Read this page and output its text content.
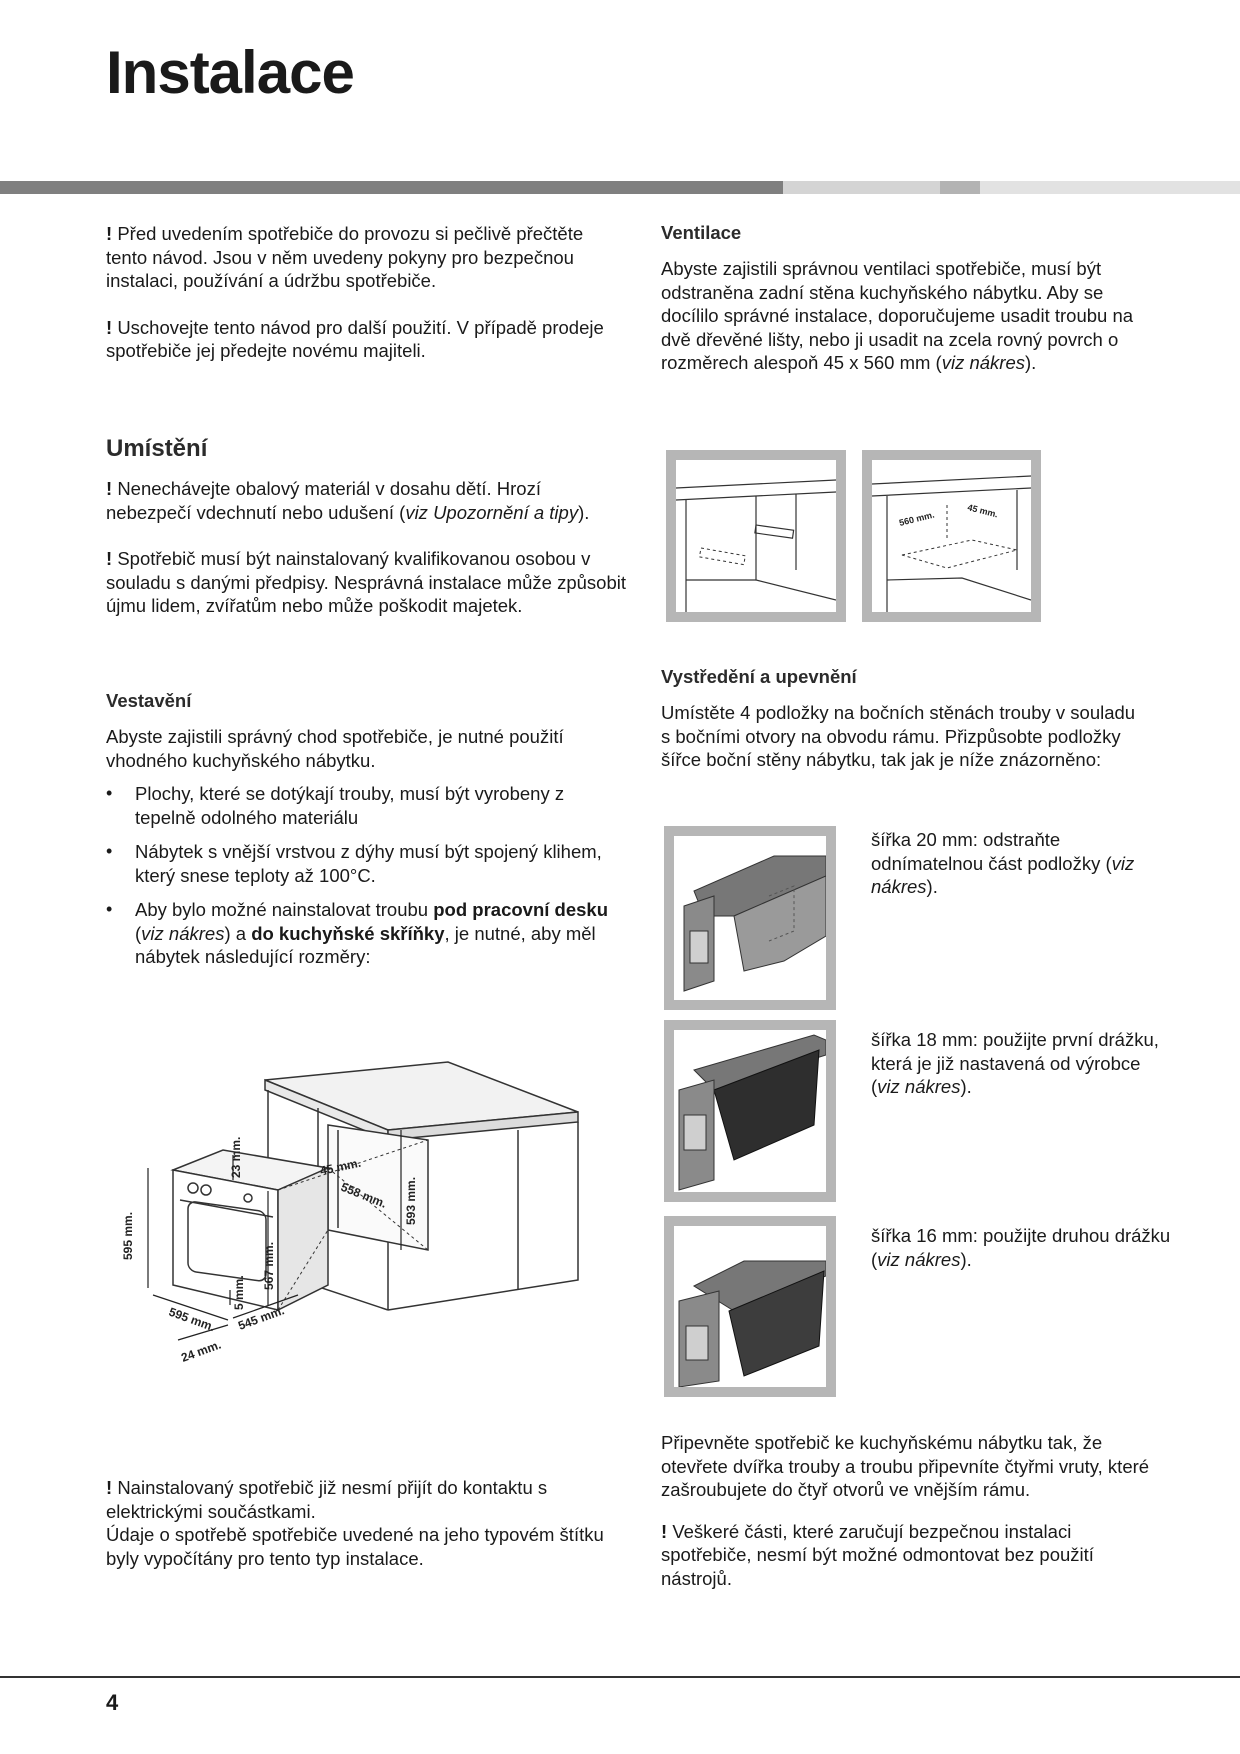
Instalace

! Před uvedením spotřebiče do provozu si pečlivě přečtěte tento návod. Jsou v něm uvedeny pokyny pro bezpečnou instalaci, používání a údržbu spotřebiče.

! Uschovejte tento návod pro další použití. V případě prodeje spotřebiče jej předejte novému majiteli.

Umístění

! Nenechávejte obalový materiál v dosahu dětí. Hrozí nebezpečí vdechnutí nebo udušení (viz Upozornění a tipy).

! Spotřebič musí být nainstalovaný kvalifikovanou osobou v souladu s danými předpisy. Nesprávná instalace může způsobit újmu lidem, zvířatům nebo může poškodit majetek.

Vestavění

Abyste zajistili správný chod spotřebiče, je nutné použití vhodného kuchyňského nábytku.

• Plochy, které se dotýkají trouby, musí být vyrobeny z tepelně odolného materiálu
• Nábytek s vnější vrstvou z dýhy musí být spojený klihem, který snese teploty až 100°C.
• Aby bylo možné nainstalovat troubu pod pracovní desku (viz nákres) a do kuchyňské skříňky, je nutné, aby měl nábytek následující rozměry:
595 mm.
23 mm.
567 mm.
5 mm.
595 mm. 545 mm.
24 mm.
45 mm.
558 mm. 593 mm.

! Nainstalovaný spotřebič již nesmí přijít do kontaktu s elektrickými součástkami.
Údaje o spotřebě spotřebiče uvedené na jeho typovém štítku byly vypočítány pro tento typ instalace.

Ventilace

Abyste zajistili správnou ventilaci spotřebiče, musí být odstraněna zadní stěna kuchyňského nábytku. Aby se docílilo správné instalace, doporučujeme usadit troubu na dvě dřevěné lišty, nebo ji usadit na zcela rovný povrch o rozměrech alespoň 45 x 560 mm (viz nákres).

560 mm.	45 mm.
Vystředění a upevnění

Umístěte 4 podložky na bočních stěnách trouby v souladu s bočními otvory na obvodu rámu. Přizpůsobte podložky šířce boční stěny nábytku, tak jak je níže znázorněno:

šířka 20 mm: odstraňte odnímatelnou část podložky (viz nákres).

šířka 18 mm: použijte první drážku, která je již nastavená od výrobce (viz nákres).

šířka 16 mm: použijte druhou drážku (viz nákres).

Připevněte spotřebič ke kuchyňskému nábytku tak, že otevřete dvířka trouby a troubu připevníte čtyřmi vruty, které zašroubujete do čtyř otvorů ve vnějším rámu.

! Veškeré části, které zaručují bezpečnou instalaci spotřebiče, nesmí být možné odmontovat bez použití nástrojů.

4
